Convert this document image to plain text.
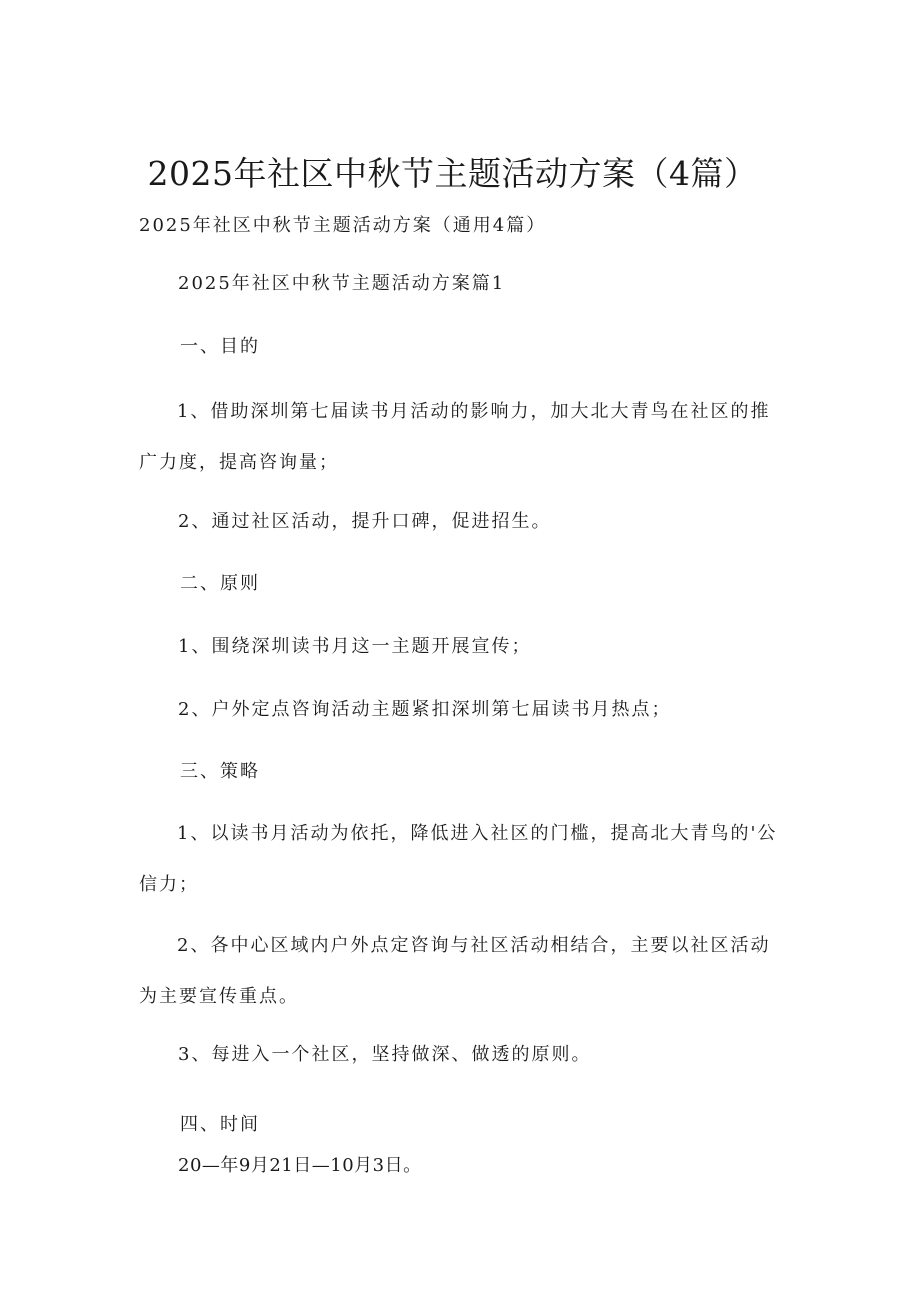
2025年社区中秋节主题活动方案（4篇）
2025年社区中秋节主题活动方案（通用4篇）
2025年社区中秋节主题活动方案篇1
一、目的
1、借助深圳第七届读书月活动的影响力，加大北大青鸟在社区的推广力度，提高咨询量；
2、通过社区活动，提升口碑，促进招生。
二、原则
1、围绕深圳读书月这一主题开展宣传；
2、户外定点咨询活动主题紧扣深圳第七届读书月热点；
三、策略
1、以读书月活动为依托，降低进入社区的门槛，提高北大青鸟的'公信力；
2、各中心区域内户外点定咨询与社区活动相结合，主要以社区活动为主要宣传重点。
3、每进入一个社区，坚持做深、做透的原则。
四、时间
20—年9月21日—10月3日。
